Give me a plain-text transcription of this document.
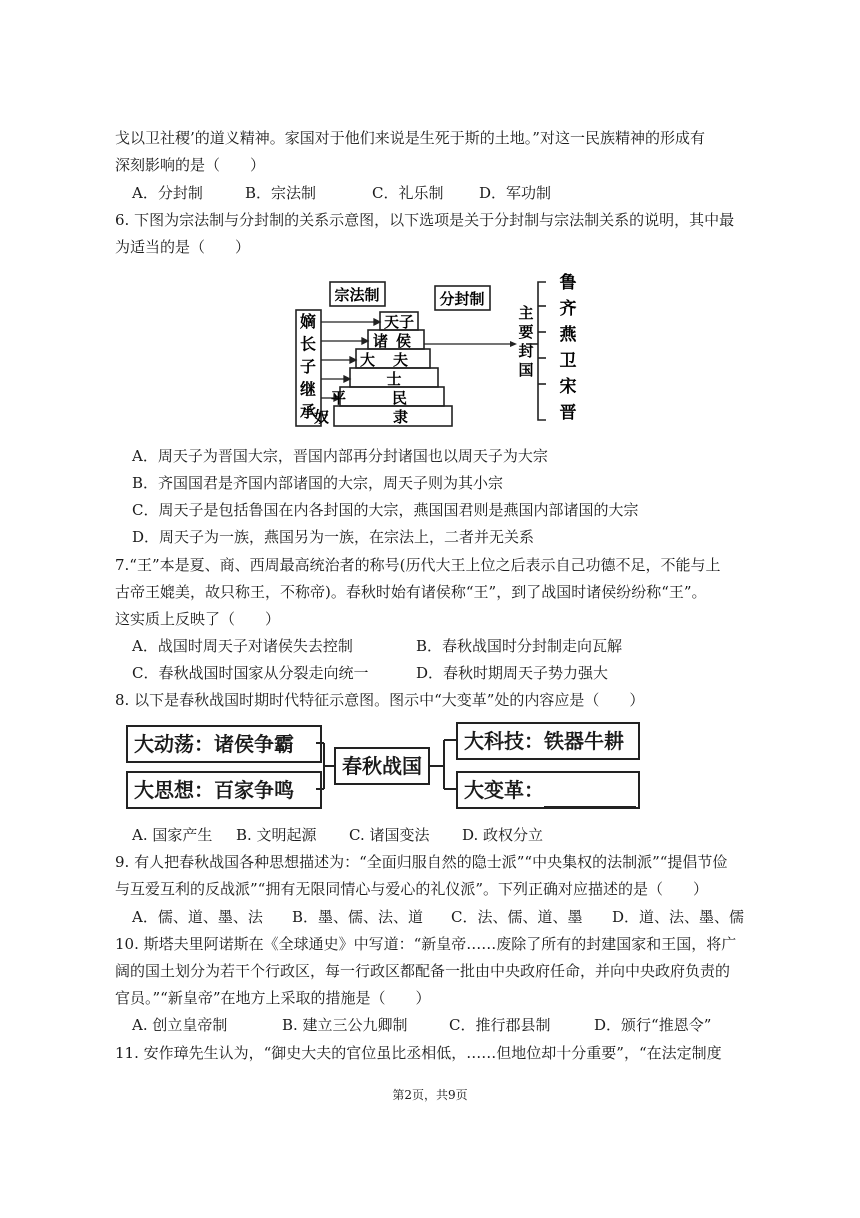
戈以卫社稷’的道义精神。家国对于他们来说是生死于斯的土地。”对这一民族精神的形成有
深刻影响的是（　　）
A．分封制	B．宗法制	C．礼乐制 D．军功制
6. 下图为宗法制与分封制的关系示意图，以下选项是关于分封制与宗法制关系的说明，其中最
为适当的是（　　）
宗法制	分封制
嫡
长
子
继
承
天子
诸侯
大夫
士
平民
奴隶
主
要
封
国
鲁
齐
燕
卫
宋
晋
A．周天子为晋国大宗，晋国内部再分封诸国也以周天子为大宗
B．齐国国君是齐国内部诸国的大宗，周天子则为其小宗
C．周天子是包括鲁国在内各封国的大宗，燕国国君则是燕国内部诸国的大宗
D．周天子为一族，燕国另为一族，在宗法上，二者并无关系
7.“王”本是夏、商、西周最高统治者的称号(历代大王上位之后表示自己功德不足，不能与上
古帝王媲美，故只称王，不称帝)。春秋时始有诸侯称“王”，到了战国时诸侯纷纷称“王”。
这实质上反映了（　　）
A．战国时周天子对诸侯失去控制	B．春秋战国时分封制走向瓦解
C．春秋战国时国家从分裂走向统一	D．春秋时期周天子势力强大
8. 以下是春秋战国时期时代特征示意图。图示中“大变革”处的内容应是（　　）
大动荡：诸侯争霸
大思想：百家争鸣
春秋战国
大科技：铁器牛耕
大变革：
A. 国家产生 B. 文明起源 C. 诸国变法 D. 政权分立
9. 有人把春秋战国各种思想描述为：“全面归服自然的隐士派”“中央集权的法制派”“提倡节俭
与互爱互利的反战派”“拥有无限同情心与爱心的礼仪派”。下列正确对应描述的是（　　）
A．儒、道、墨、法 B．墨、儒、法、道 C．法、儒、道、墨 D．道、法、墨、儒
10. 斯塔夫里阿诺斯在《全球通史》中写道：“新皇帝……废除了所有的封建国家和王国，将广
阔的国土划分为若干个行政区，每一行政区都配备一批由中央政府任命，并向中央政府负责的
官员。”“新皇帝”在地方上采取的措施是（　　）
A. 创立皇帝制	B. 建立三公九卿制	C．推行郡县制	D．颁行“推恩令”
11. 安作璋先生认为，“御史大夫的官位虽比丞相低，……但地位却十分重要”，“在法定制度
第2页，共9页
